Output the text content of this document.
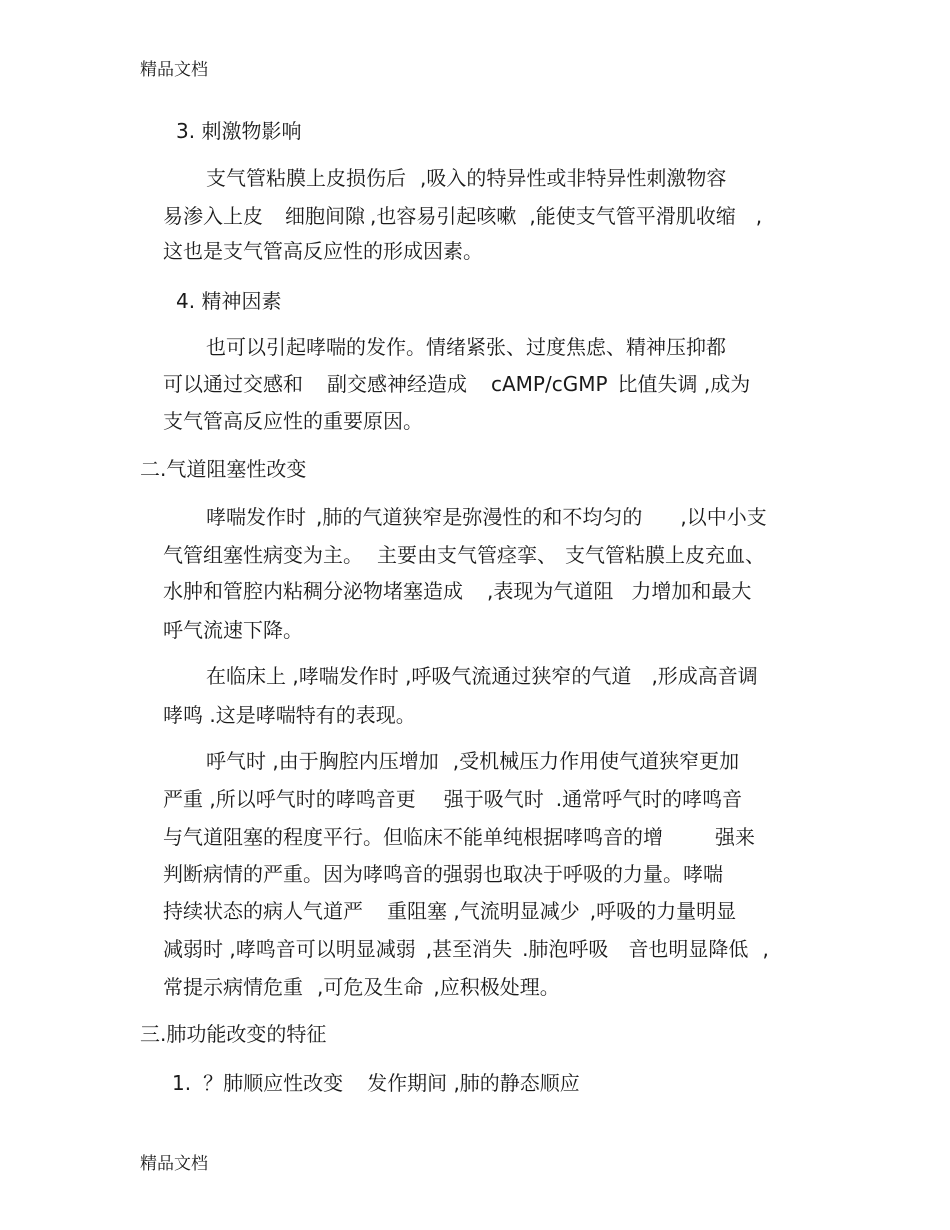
精品文档
3. 刺激物影响
支气管粘膜上皮损伤后 ,吸入的特异性或非特异性刺激物容
易渗入上皮 细胞间隙 ,也容易引起咳嗽 ,能使支气管平滑肌收缩 ,
这也是支气管高反应性的形成因素。
4. 精神因素
也可以引起哮喘的发作。情绪紧张、过度焦虑、精神压抑都
可以通过交感和 副交感神经造成 cAMP/cGMP 比值失调 ,成为
支气管高反应性的重要原因。
二.气道阻塞性改变
哮喘发作时 ,肺的气道狭窄是弥漫性的和不均匀的 ,以中小支
气管组塞性病变为主。 主要由支气管痉挛、 支气管粘膜上皮充血、
水肿和管腔内粘稠分泌物堵塞造成 ,表现为气道阻 力增加和最大
呼气流速下降。
在临床上 ,哮喘发作时 ,呼吸气流通过狭窄的气道 ,形成高音调
哮鸣 .这是哮喘特有的表现。
呼气时 ,由于胸腔内压增加 ,受机械压力作用使气道狭窄更加
严重 ,所以呼气时的哮鸣音更 强于吸气时 .通常呼气时的哮鸣音
与气道阻塞的程度平行。但临床不能单纯根据哮鸣音的增	强来
判断病情的严重。因为哮鸣音的强弱也取决于呼吸的力量。哮喘
持续状态的病人气道严 重阻塞 ,气流明显减少 ,呼吸的力量明显
减弱时 ,哮鸣音可以明显减弱 ,甚至消失 .肺泡呼吸 音也明显降低 ,
常提示病情危重 ,可危及生命 ,应积极处理。
三.肺功能改变的特征
1. ？肺顺应性改变 发作期间 ,肺的静态顺应
精品文档
